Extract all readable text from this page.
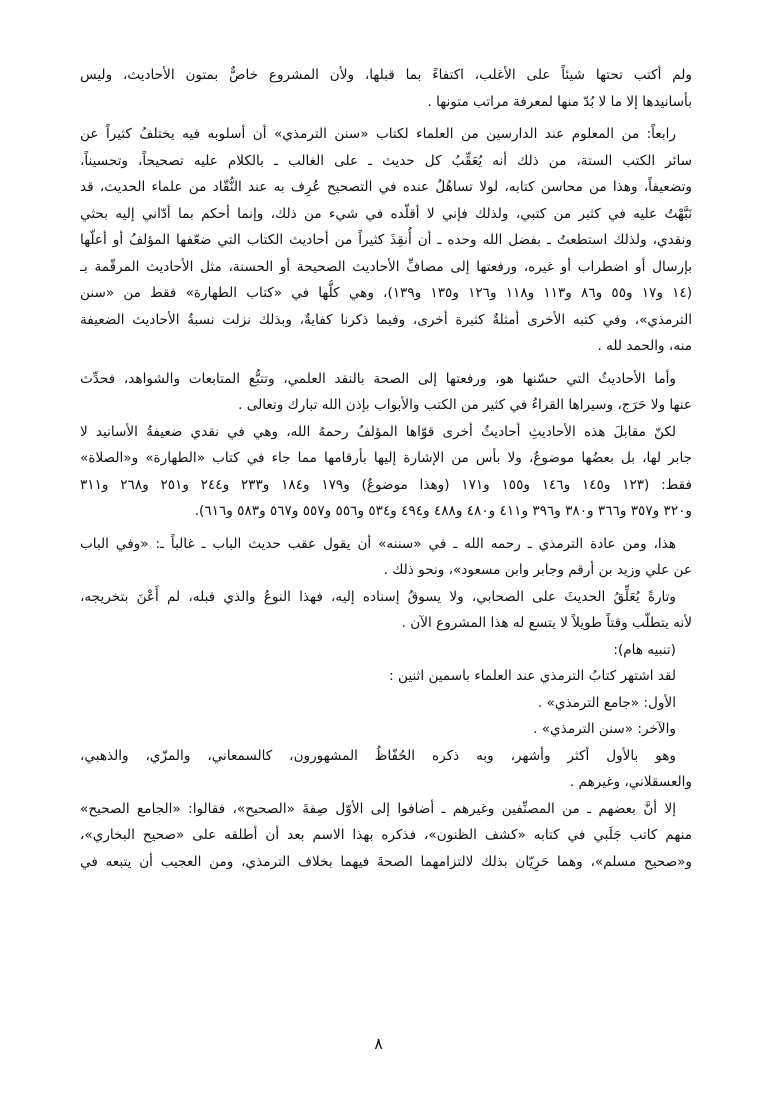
ولم أكتب تحتها شيئاً على الأغلب، اكتفاءً بما قبلها، ولأن المشروع خاصٌّ بمتون الأحاديث، وليس
بأسانيدها إلا ما لا بُدّ منها لمعرفة مراتب متونها .
رابعاً: من المعلوم عند الدارسين من العلماء لكتاب «سنن الترمذي» أن أسلوبه فيه يختلفُ كثيراً عن
سائر الكتب الستة، من ذلك أنه يُعَقِّبُ كل حديث ـ على الغالب ـ بالكلام عليه تصحيحاً، وتحسيناً،
وتضعيفاً، وهذا من محاسن كتابه، لولا تساهُلٌ عنده في التصحيح عُرِف به عند النُّقّاد من علماء الحديث، قد
نَبَّهْتُ عليه في كثير من كتبي، ولذلك فإني لا أقلّده في شيء من ذلك، وإنما أحكم بما أدّاني إليه بحثي
ونقدي، ولذلك استطعتُ ـ بفضل الله وحده ـ أن أُنقِذَ كثيراً من أحاديث الكتاب التي ضعّفها المؤلفُ أو أعلّها
بإرسال أو اضطراب أو غيره، ورفعتها إلى مصافِّ الأحاديث الصحيحة أو الحسنة، مثل الأحاديث المرقّمة بـ
(١٤ و١٧ و٥٥ و٨٦ و١١٣ و١١٨ و١٢٦ و١٣٥ و١٣٩)، وهي كلُّها في «كتاب الطهارة» فقط من «سنن
الترمذي»، وفي كتبه الأخرى أمثلةٌ كثيرة أخرى، وفيما ذكرنا كفايةٌ، وبذلك نزلت نسبةُ الأحاديث الضعيفة
منه، والحمد لله .
وأما الأحاديثُ التي حسّنها هو، ورفعتها إلى الصحة بالنقد العلمي، وتتبُّع المتابعات والشواهد، فحدِّث
عنها ولا حَرَج، وسيراها القراءُ في كثير من الكتب والأبواب بإذن الله تبارك وتعالى .
لكنّ مقابلَ هذه الأحاديثِ أحاديثُ أخرى قوّاها المؤلفُ رحمهُ الله، وهي في نقدي ضعيفةُ الأسانيد لا
جابر لها، بل بعضُها موضوعٌ، ولا بأس من الإشارة إليها بأرقامها مما جاء في كتاب «الطهارة» و«الصلاة»
فقط: (١٢٣ و١٤٥ و١٤٦ و١٥٥ و١٧١ (وهذا موضوعٌ) و١٧٩ و١٨٤ و٢٣٣ و٢٤٤ و٢٥١ و٢٦٨ و٣١١
و٣٢٠ و٣٥٧ و٣٦٦ و٣٨٠ و٣٩٦ و٤١١ و٤٨٠ و٤٨٨ و٤٩٤ و٥٣٤ و٥٥٦ و٥٥٧ و٥٦٧ و٥٨٣ و٦١٦).
هذا، ومن عادة الترمذي ـ رحمه الله ـ في «سننه» أن يقول عقب حديث الباب ـ غالباً ـ: «وفي الباب
عن علي وزيد بن أرقم وجابر وابن مسعود»، ونحو ذلك .
وتارةً يُعَلِّقُ الحديثَ على الصحابي، ولا يسوقُ إسناده إليه، فهذا النوعُ والذي قبله، لم أَعْنَ بتخريجه،
لأنه يتطلّب وقتاً طويلاً لا يتسع له هذا المشروع الآن .
(تنبيه هام):
لقد اشتهر كتابُ الترمذي عند العلماء باسمين اثنين :
الأول: «جامع الترمذي» .
والآخر: «سنن الترمذي» .
وهو بالأول أكثر وأشهر، وبه ذكره الحُفّاظُ المشهورون، كالسمعاني، والمزّي، والذهبي،
والعسقلاني، وغيرهم .
إلا أنَّ بعضهم ـ من المصنِّفين وغيرهم ـ أضافوا إلى الأوّل صِفةَ «الصحيح»، فقالوا: «الجامع الصحيح»
منهم كاتب جَلَبي في كتابه «كشف الظنون»، فذكره بهذا الاسم بعد أن أطلقه على «صحيح البخاري»،
و«صحيح مسلم»، وهما حَرِيّان بذلك لالتزامهما الصحةَ فيهما بخلاف الترمذي، ومن العجيب أن يتبعه في
٨
